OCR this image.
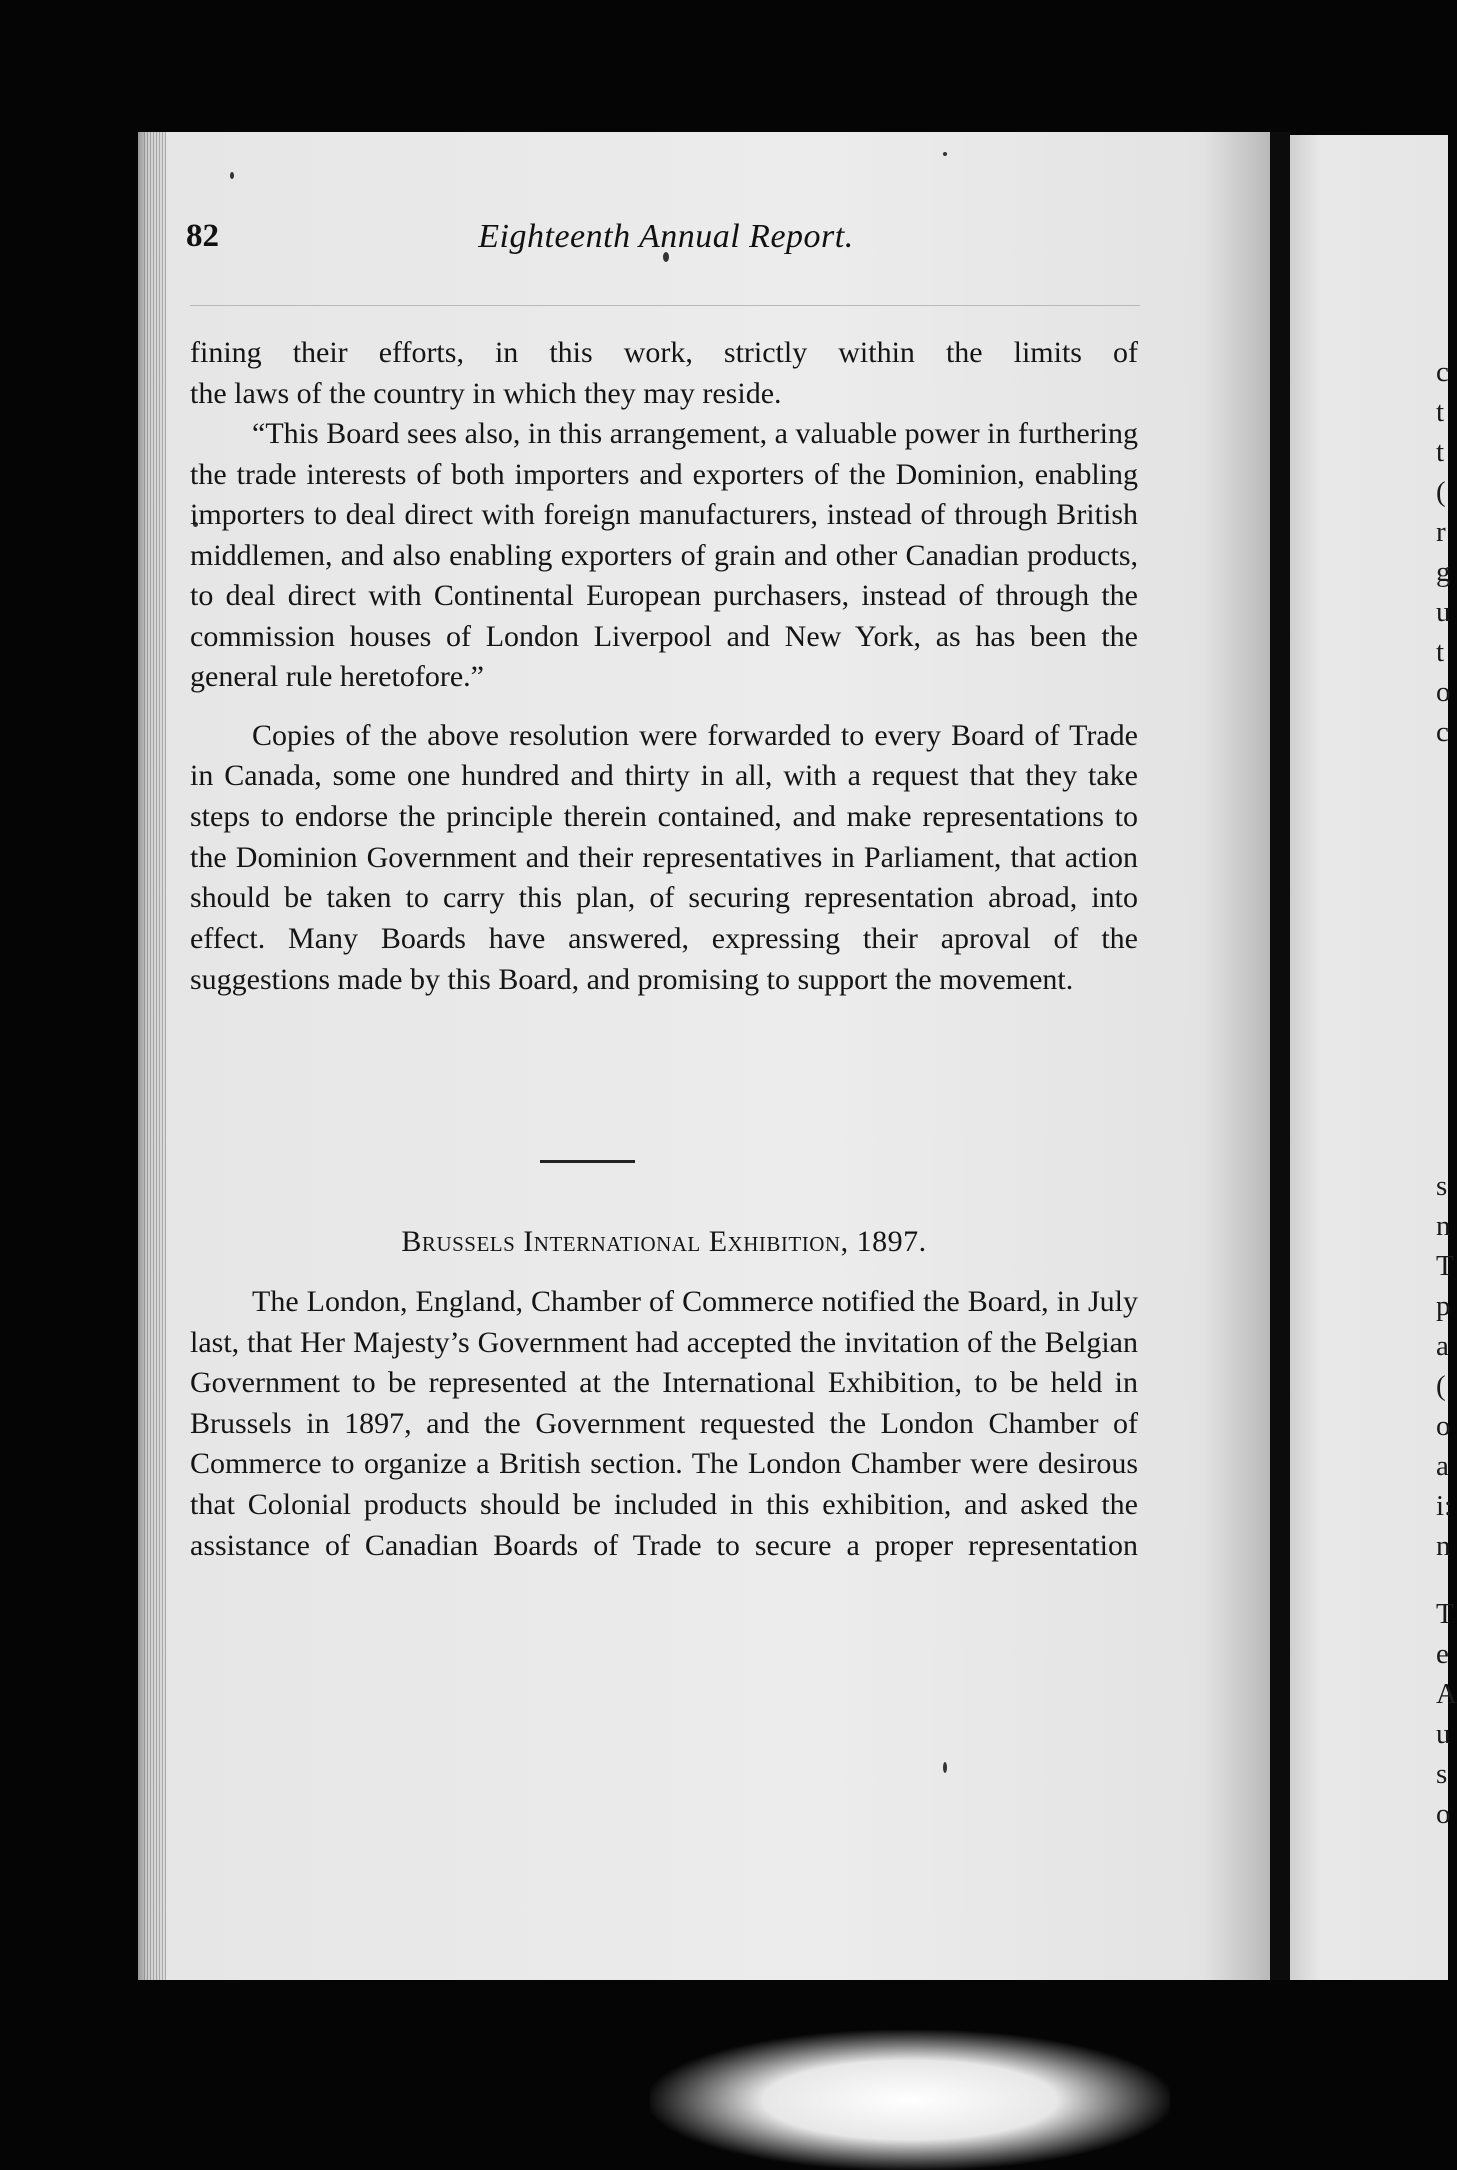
c
t
t
(
r
g
u
t
o
c
s
n
T
p
a
(
o
a
i:
n
T
e
A
u
s
o
82	Eighteenth Annual Report.

fining their efforts, in this work, strictly within the limits of

the laws of the country in which they may reside.

“This Board sees also, in this arrangement, a valuable power in furthering the trade interests of both importers and exporters of the Dominion, enabling importers to deal direct with foreign manufacturers, instead of through British middlemen, and also enabling exporters of grain and other Canadian products, to deal direct with Continental European purchasers, instead of through the commission houses of London Liverpool and New York, as has been the general rule heretofore.”

Copies of the above resolution were forwarded to every Board of Trade in Canada, some one hundred and thirty in all, with a request that they take steps to endorse the principle therein contained, and make representations to the Dominion Government and their representatives in Parliament, that action should be taken to carry this plan, of securing representation abroad, into effect. Many Boards have answered, expressing their aproval of the suggestions made by this Board, and promising to support the movement.

Brussels International Exhibition, 1897.

The London, England, Chamber of Commerce notified the Board, in July last, that Her Majesty’s Government had accepted the invitation of the Belgian Government to be represented at the International Exhibition, to be held in Brussels in 1897, and the Government requested the London Chamber of Commerce to organize a British section. The London Chamber were desirous that Colonial products should be included in this exhibition, and asked the assistance of Canadian Boards of Trade to secure a proper representation
